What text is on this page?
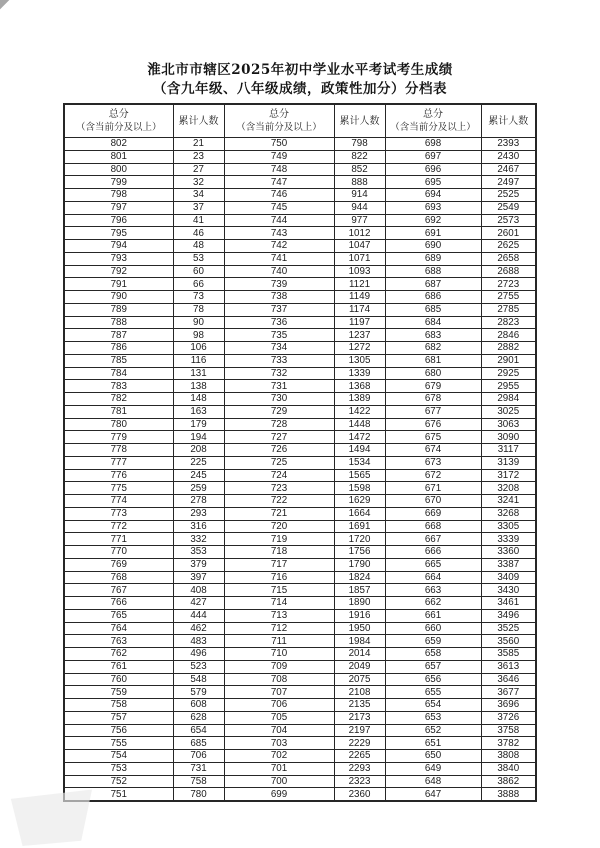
淮北市市辖区2025年初中学业水平考试考生成绩
（含九年级、八年级成绩，政策性加分）分档表
总分
（含当前分及以上）
	累计人数	
总分
（含当前分及以上）
	累计人数	
总分
（含当前分及以上）
	累计人数
802	21	750	798	698	2393
801	23	749	822	697	2430
800	27	748	852	696	2467
799	32	747	888	695	2497
798	34	746	914	694	2525
797	37	745	944	693	2549
796	41	744	977	692	2573
795	46	743	1012	691	2601
794	48	742	1047	690	2625
793	53	741	1071	689	2658
792	60	740	1093	688	2688
791	66	739	1121	687	2723
790	73	738	1149	686	2755
789	78	737	1174	685	2785
788	90	736	1197	684	2823
787	98	735	1237	683	2846
786	106	734	1272	682	2882
785	116	733	1305	681	2901
784	131	732	1339	680	2925
783	138	731	1368	679	2955
782	148	730	1389	678	2984
781	163	729	1422	677	3025
780	179	728	1448	676	3063
779	194	727	1472	675	3090
778	208	726	1494	674	3117
777	225	725	1534	673	3139
776	245	724	1565	672	3172
775	259	723	1598	671	3208
774	278	722	1629	670	3241
773	293	721	1664	669	3268
772	316	720	1691	668	3305
771	332	719	1720	667	3339
770	353	718	1756	666	3360
769	379	717	1790	665	3387
768	397	716	1824	664	3409
767	408	715	1857	663	3430
766	427	714	1890	662	3461
765	444	713	1916	661	3496
764	462	712	1950	660	3525
763	483	711	1984	659	3560
762	496	710	2014	658	3585
761	523	709	2049	657	3613
760	548	708	2075	656	3646
759	579	707	2108	655	3677
758	608	706	2135	654	3696
757	628	705	2173	653	3726
756	654	704	2197	652	3758
755	685	703	2229	651	3782
754	706	702	2265	650	3808
753	731	701	2293	649	3840
752	758	700	2323	648	3862
751	780	699	2360	647	3888
